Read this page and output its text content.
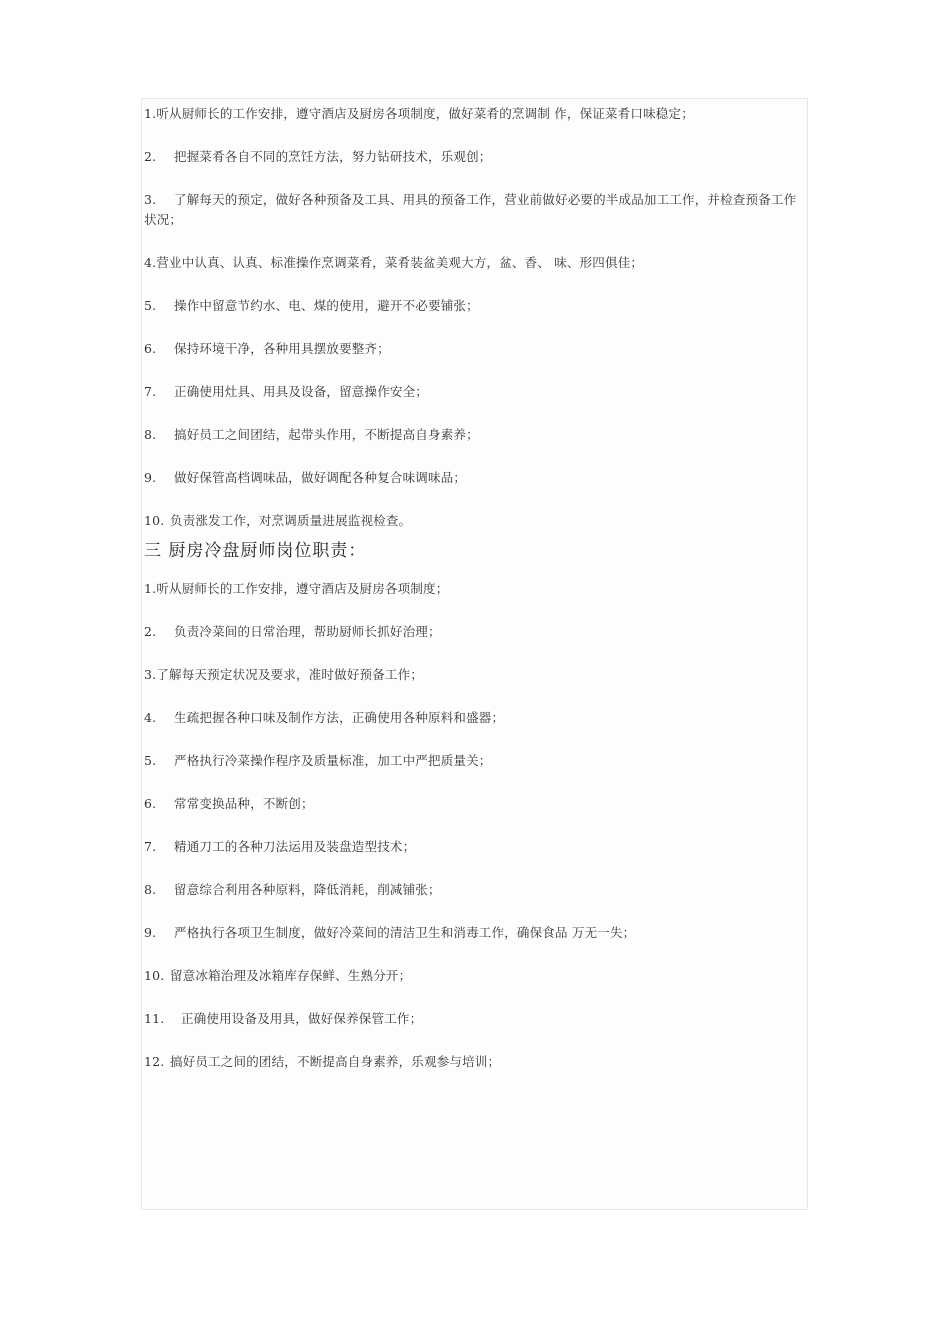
1.听从厨师长的工作安排，遵守酒店及厨房各项制度，做好菜肴的烹调制 作，保证菜肴口味稳定；

2. 把握菜肴各自不同的烹饪方法，努力钻研技术，乐观创；

3. 了解每天的预定，做好各种预备及工具、用具的预备工作，营业前做好必要的半成品加工工作，并检查预备工作状况；

4.营业中认真、认真、标准操作烹调菜肴，菜肴装盆美观大方，盆、香、 味、形四俱佳；

5. 操作中留意节约水、电、煤的使用，避开不必要铺张；

6. 保持环境干净，各种用具摆放要整齐；

7. 正确使用灶具、用具及设备，留意操作安全；

8. 搞好员工之间团结，起带头作用，不断提高自身素养；

9. 做好保管高档调味品，做好调配各种复合味调味品；

10. 负责涨发工作，对烹调质量进展监视检查。

三 厨房冷盘厨师岗位职责：

1.听从厨师长的工作安排，遵守酒店及厨房各项制度；

2. 负责冷菜间的日常治理，帮助厨师长抓好治理；

3.了解每天预定状况及要求，准时做好预备工作；

4. 生疏把握各种口味及制作方法，正确使用各种原料和盛器；

5. 严格执行冷菜操作程序及质量标准，加工中严把质量关；

6. 常常变换品种，不断创；

7. 精通刀工的各种刀法运用及装盘造型技术；

8. 留意综合利用各种原料，降低消耗，削减铺张；

9. 严格执行各项卫生制度，做好冷菜间的清洁卫生和消毒工作，确保食品 万无一失；

10. 留意冰箱治理及冰箱库存保鲜、生熟分开；

11. 正确使用设备及用具，做好保养保管工作；

12. 搞好员工之间的团结，不断提高自身素养，乐观参与培训；
